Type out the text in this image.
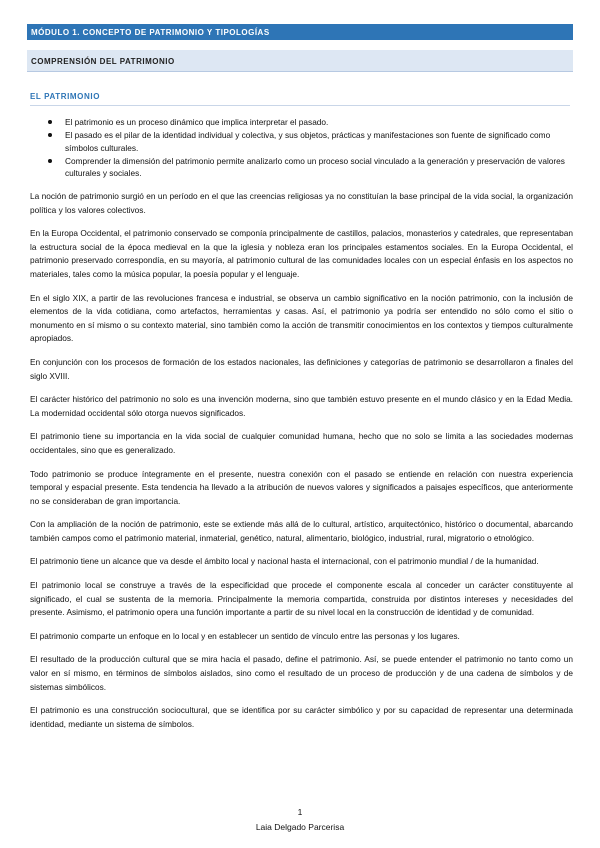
MÓDULO 1. CONCEPTO DE PATRIMONIO Y TIPOLOGÍAS
COMPRENSIÓN DEL PATRIMONIO
EL PATRIMONIO
El patrimonio es un proceso dinámico que implica interpretar el pasado.
El pasado es el pilar de la identidad individual y colectiva, y sus objetos, prácticas y manifestaciones son fuente de significado como símbolos culturales.
Comprender la dimensión del patrimonio permite analizarlo como un proceso social vinculado a la generación y preservación de valores culturales y sociales.

La noción de patrimonio surgió en un período en el que las creencias religiosas ya no constituían la base principal de la vida social, la organización política y los valores colectivos.

En la Europa Occidental, el patrimonio conservado se componía principalmente de castillos, palacios, monasterios y catedrales, que representaban la estructura social de la época medieval en la que la iglesia y nobleza eran los principales estamentos sociales. En la Europa Occidental, el patrimonio preservado correspondía, en su mayoría, al patrimonio cultural de las comunidades locales con un especial énfasis en los aspectos no materiales, tales como la música popular, la poesía popular y el lenguaje.

En el siglo XIX, a partir de las revoluciones francesa e industrial, se observa un cambio significativo en la noción patrimonio, con la inclusión de elementos de la vida cotidiana, como artefactos, herramientas y casas. Así, el patrimonio ya podría ser entendido no sólo como el sitio o monumento en sí mismo o su contexto material, sino también como la acción de transmitir conocimientos en los contextos y tiempos culturalmente apropiados.

En conjunción con los procesos de formación de los estados nacionales, las definiciones y categorías de patrimonio se desarrollaron a finales del siglo XVIII.

El carácter histórico del patrimonio no solo es una invención moderna, sino que también estuvo presente en el mundo clásico y en la Edad Media. La modernidad occidental sólo otorga nuevos significados.

El patrimonio tiene su importancia en la vida social de cualquier comunidad humana, hecho que no solo se limita a las sociedades modernas occidentales, sino que es generalizado.

Todo patrimonio se produce íntegramente en el presente, nuestra conexión con el pasado se entiende en relación con nuestra experiencia temporal y espacial presente. Esta tendencia ha llevado a la atribución de nuevos valores y significados a paisajes específicos, que anteriormente no se consideraban de gran importancia.

Con la ampliación de la noción de patrimonio, este se extiende más allá de lo cultural, artístico, arquitectónico, histórico o documental, abarcando también campos como el patrimonio material, inmaterial, genético, natural, alimentario, biológico, industrial, rural, migratorio o etnológico.

El patrimonio tiene un alcance que va desde el ámbito local y nacional hasta el internacional, con el patrimonio mundial / de la humanidad.

El patrimonio local se construye a través de la especificidad que procede el componente escala al conceder un carácter constituyente al significado, el cual se sustenta de la memoria. Principalmente la memoria compartida, construida por distintos intereses y necesidades del presente. Asimismo, el patrimonio opera una función importante a partir de su nivel local en la construcción de identidad y de comunidad.

El patrimonio comparte un enfoque en lo local y en establecer un sentido de vínculo entre las personas y los lugares.

El resultado de la producción cultural que se mira hacia el pasado, define el patrimonio. Así, se puede entender el patrimonio no tanto como un valor en sí mismo, en términos de símbolos aislados, sino como el resultado de un proceso de producción y de una cadena de símbolos y de sistemas simbólicos.

El patrimonio es una construcción sociocultural, que se identifica por su carácter simbólico y por su capacidad de representar una determinada identidad, mediante un sistema de símbolos.

1
Laia Delgado Parcerisa
